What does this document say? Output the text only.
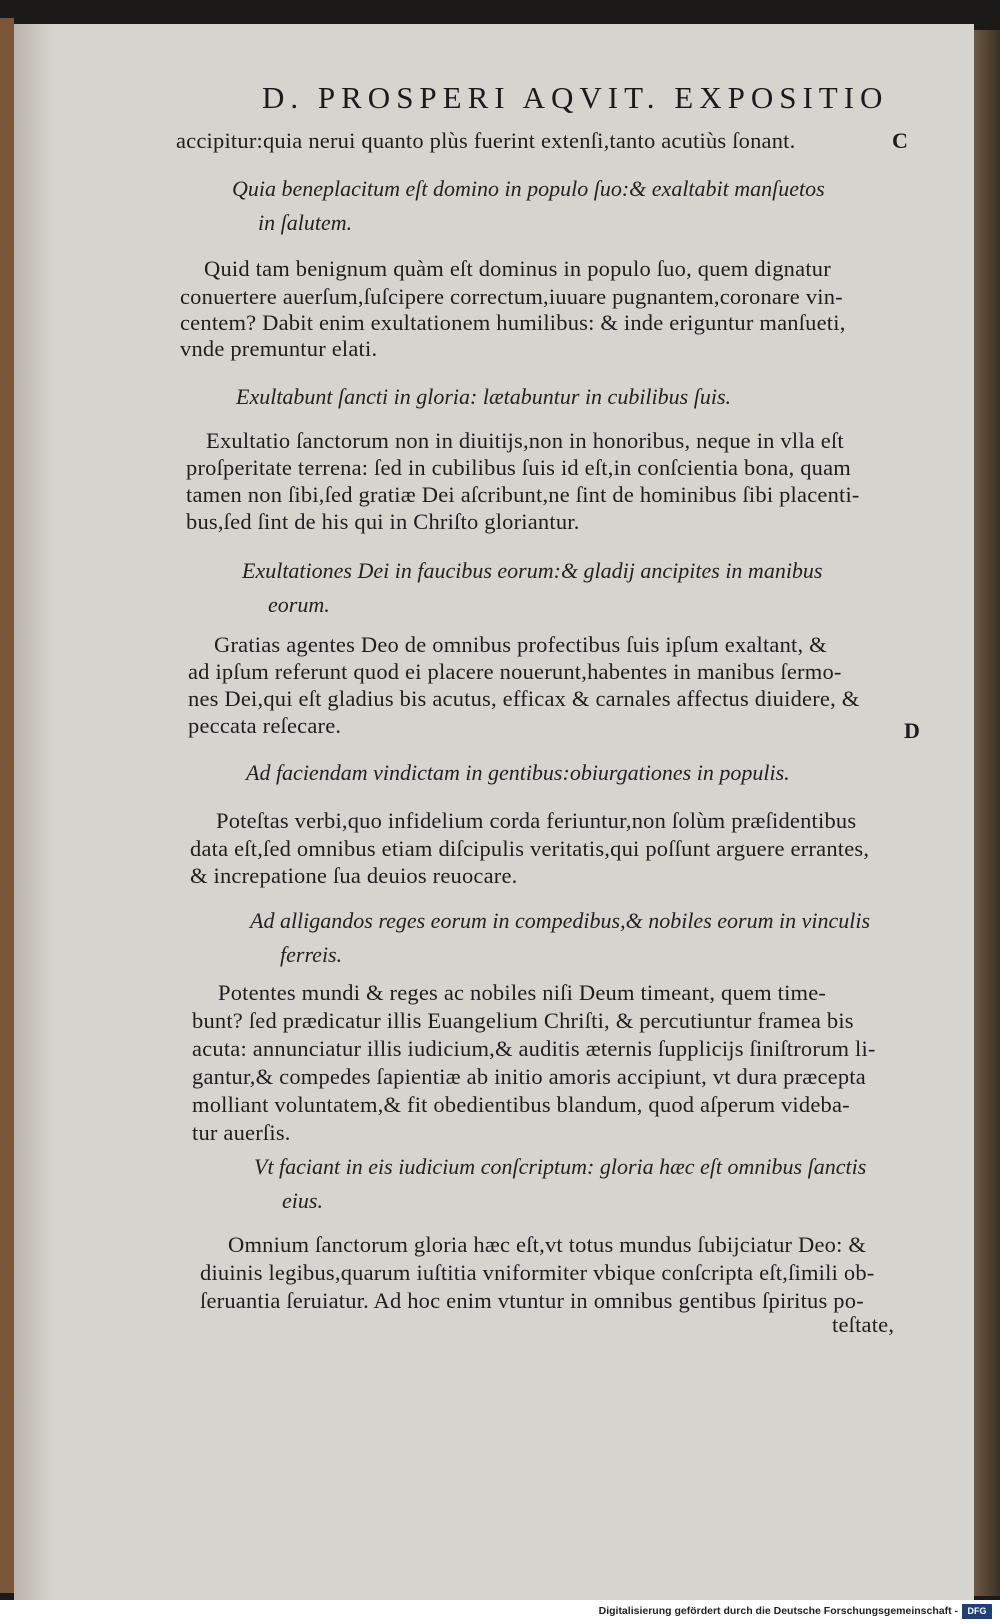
D. PROSPERI AQVIT. EXPOSITIO
C
D
accipitur:quia nerui quanto plùs fuerint extenſi,tanto acutiùs ſonant.
Quia beneplacitum eſt domino in populo ſuo:& exaltabit manſuetos
in ſalutem.
Quid tam benignum quàm eſt dominus in populo ſuo, quem dignatur
conuertere auerſum,ſuſcipere correctum,iuuare pugnantem,coronare vin-
centem? Dabit enim exultationem humilibus: & inde eriguntur manſueti,
vnde premuntur elati.
Exultabunt ſancti in gloria: lætabuntur in cubilibus ſuis.
Exultatio ſanctorum non in diuitijs,non in honoribus, neque in vlla eſt
proſperitate terrena: ſed in cubilibus ſuis id eſt,in conſcientia bona, quam
tamen non ſibi,ſed gratiæ Dei aſcribunt,ne ſint de hominibus ſibi placenti-
bus,ſed ſint de his qui in Chriſto gloriantur.
Exultationes Dei in faucibus eorum:& gladij ancipites in manibus
eorum.
Gratias agentes Deo de omnibus profectibus ſuis ipſum exaltant, &
ad ipſum referunt quod ei placere nouerunt,habentes in manibus ſermo-
nes Dei,qui eſt gladius bis acutus, efficax & carnales affectus diuidere, &
peccata reſecare.
Ad faciendam vindictam in gentibus:obiurgationes in populis.
Poteſtas verbi,quo infidelium corda feriuntur,non ſolùm præſidentibus
data eſt,ſed omnibus etiam diſcipulis veritatis,qui poſſunt arguere errantes,
& increpatione ſua deuios reuocare.
Ad alligandos reges eorum in compedibus,& nobiles eorum in vinculis
ferreis.
Potentes mundi & reges ac nobiles niſi Deum timeant, quem time-
bunt? ſed prædicatur illis Euangelium Chriſti, & percutiuntur framea bis
acuta: annunciatur illis iudicium,& auditis æternis ſupplicijs ſiniſtrorum li-
gantur,& compedes ſapientiæ ab initio amoris accipiunt, vt dura præcepta
molliant voluntatem,& fit obedientibus blandum, quod aſperum videba-
tur auerſis.
Vt faciant in eis iudicium conſcriptum: gloria hæc eſt omnibus ſanctis
eius.
Omnium ſanctorum gloria hæc eſt,vt totus mundus ſubijciatur Deo: &
diuinis legibus,quarum iuſtitia vniformiter vbique conſcripta eſt,ſimili ob-
ſeruantia ſeruiatur. Ad hoc enim vtuntur in omnibus gentibus ſpiritus po-
teſtate,
Digitalisierung gefördert durch die Deutsche Forschungsgemeinschaft -	DFG
